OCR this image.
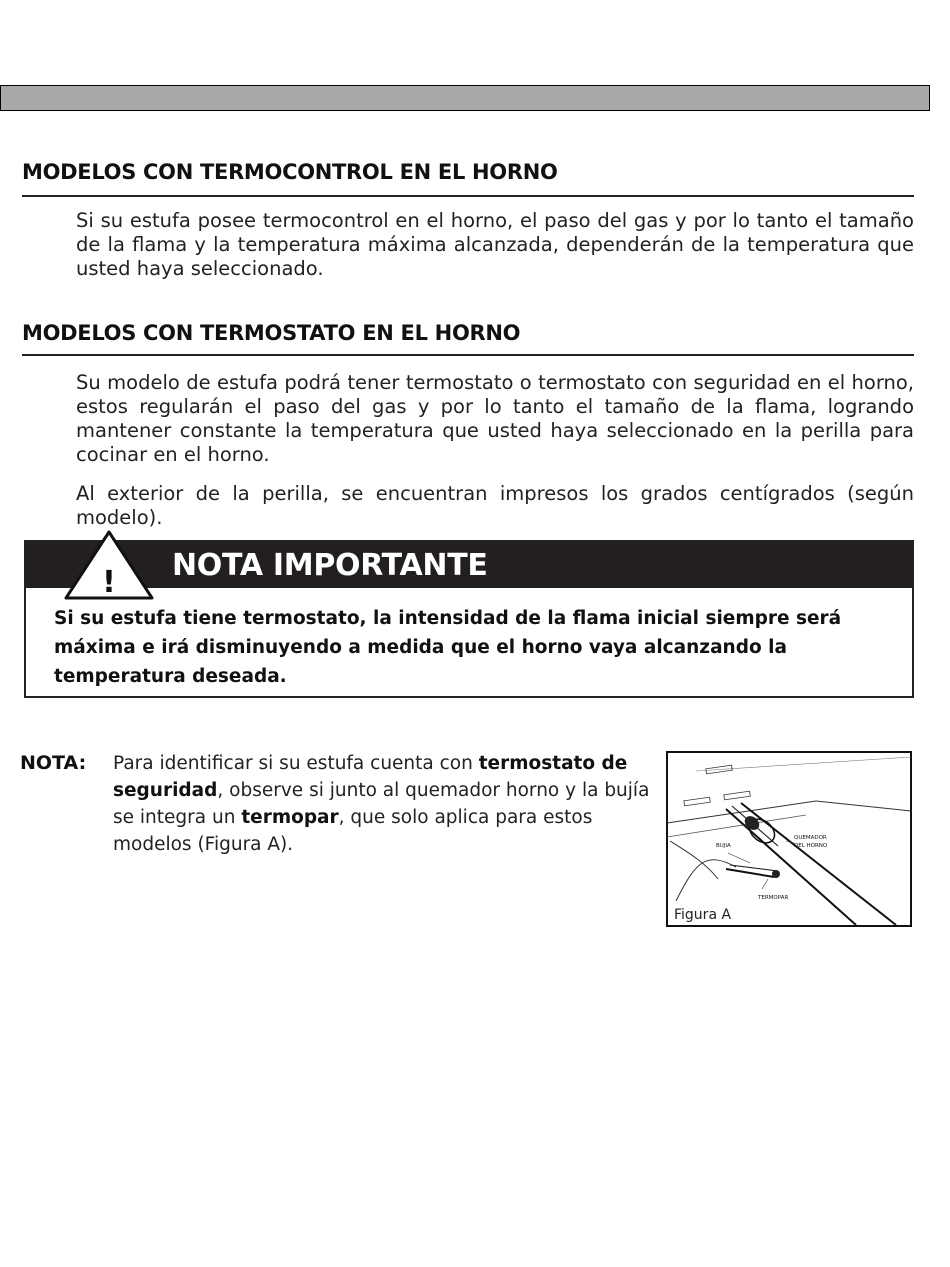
MODELOS CON TERMOCONTROL EN EL HORNO

Si su estufa posee termocontrol en el horno, el paso del gas y por lo tanto el tamaño de la flama y la temperatura máxima alcanzada, dependerán de la temperatura que usted haya seleccionado.

MODELOS CON TERMOSTATO EN EL HORNO

Su modelo de estufa podrá tener termostato o termostato con seguridad en el horno, estos regularán el paso del gas y por lo tanto el tamaño de la flama, logrando mantener constante la temperatura que usted haya seleccionado en la perilla para cocinar en el horno.

Al exterior de la perilla, se encuentran impresos los grados centígrados (según modelo).

NOTA IMPORTANTE
!

Si su estufa tiene termostato, la intensidad de la flama inicial siempre será máxima e irá disminuyendo a medida que el horno vaya alcanzando la temperatura deseada.

NOTA: Para identificar si su estufa cuenta con termostato de seguridad, observe si junto al quemador horno y la bujía se integra un termopar, que solo aplica para estos modelos (Figura A).	BUJIA
QUEMADOR
DEL HORNO
TERMOPAR
Figura A
